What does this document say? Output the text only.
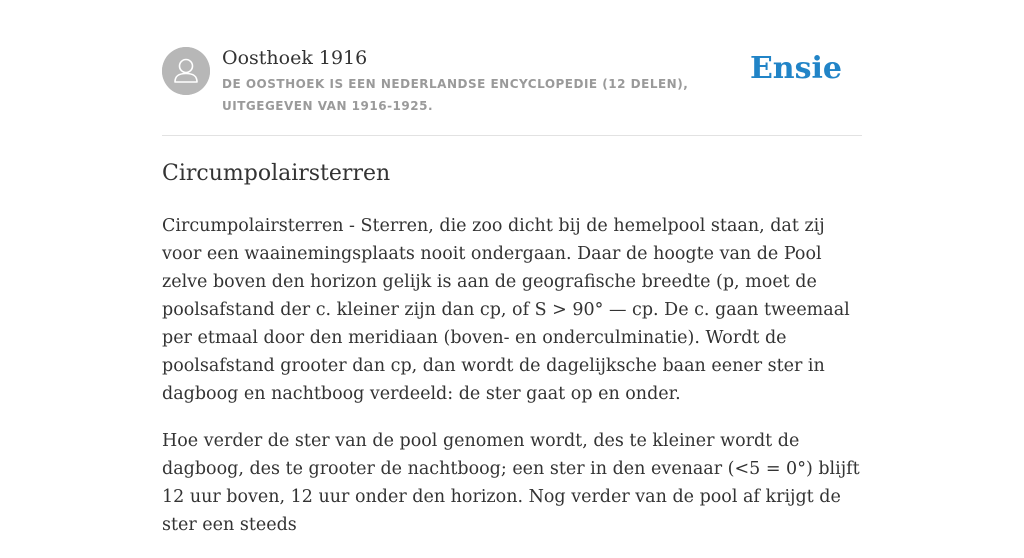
Oosthoek 1916
DE OOSTHOEK IS EEN NEDERLANDSE ENCYCLOPEDIE (12 DELEN), UITGEGEVEN VAN 1916-1925.
Ensie
Circumpolairsterren

Circumpolairsterren - Sterren, die zoo dicht bij de hemelpool staan, dat zij voor een waainemingsplaats nooit ondergaan. Daar de hoogte van de Pool zelve boven den horizon gelijk is aan de geografische breedte (p, moet de poolsafstand der c. kleiner zijn dan cp, of S > 90° — cp. De c. gaan tweemaal per etmaal door den meridiaan (boven- en onderculminatie). Wordt de poolsafstand grooter dan cp, dan wordt de dagelijksche baan eener ster in dagboog en nachtboog verdeeld: de ster gaat op en onder.

Hoe verder de ster van de pool genomen wordt, des te kleiner wordt de dagboog, des te grooter de nachtboog; een ster in den evenaar (<5 = 0°) blijft 12 uur boven, 12 uur onder den horizon. Nog verder van de pool af krijgt de ster een steeds
